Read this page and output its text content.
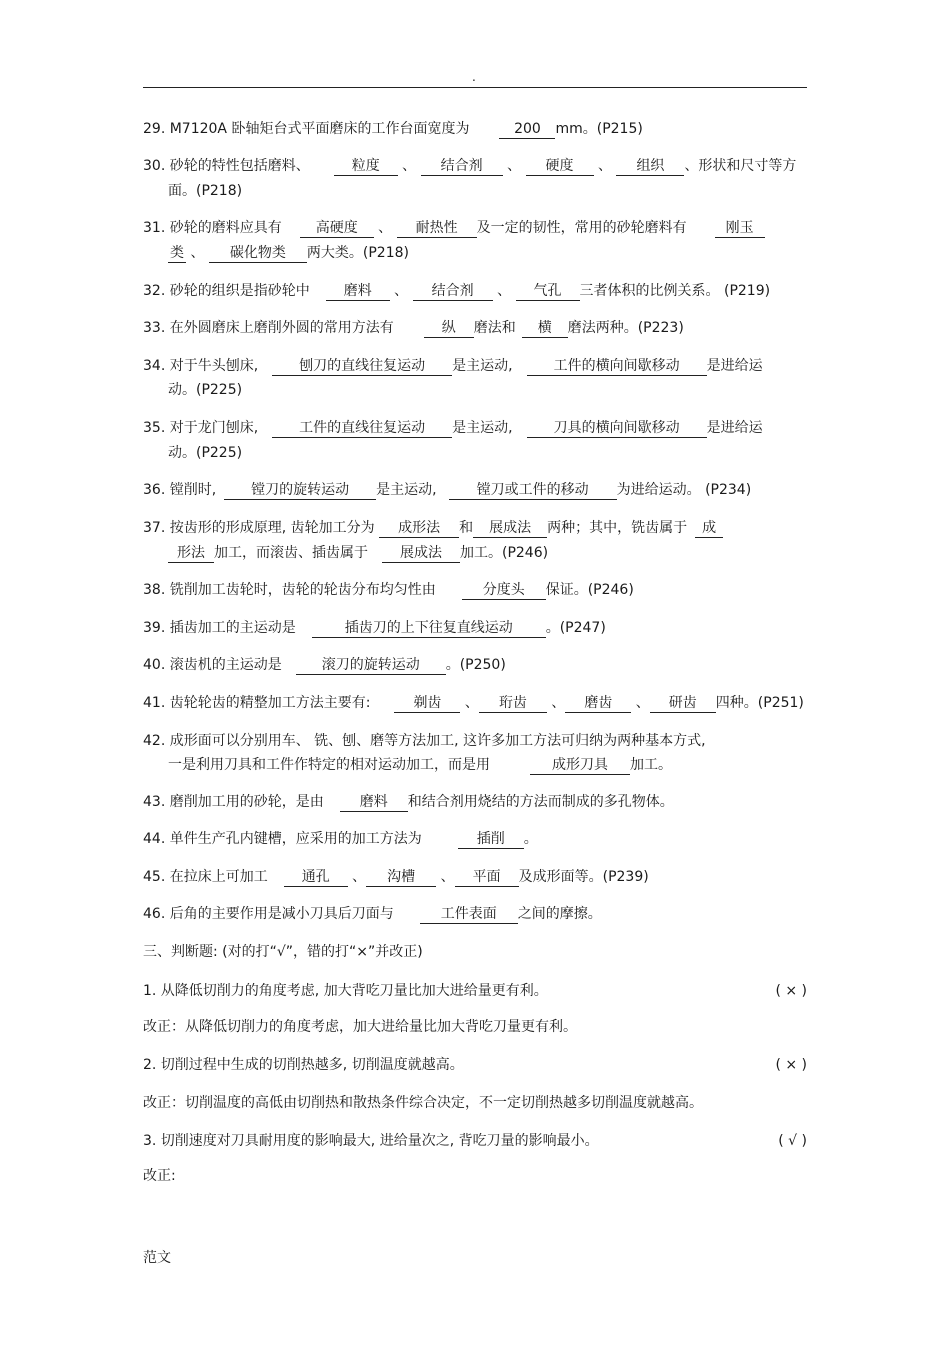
.
29. M7120A 卧轴矩台式平面磨床的工作台面宽度为	200 mm。(P215)
30. 砂轮的特性包括磨料、	粒度 、 结合剂 、 硬度 、 组织 、形状和尺寸等方
面。(P218)
31. 砂轮的磨料应具有 高硬度 、 耐热性 及一定的韧性，常用的砂轮磨料有	刚玉
类 、 碳化物类 两大类。(P218)
32. 砂轮的组织是指砂轮中 磨料 、 结合剂 、 气孔 三者体积的比例关系。 (P219)
33. 在外圆磨床上磨削外圆的常用方法有	纵 磨法和 横 磨法两种。(P223)
34. 对于牛头刨床,	刨刀的直线往复运动 是主运动,	工件的横向间歇移动 是进给运
动。(P225)
35. 对于龙门刨床,	工件的直线往复运动 是主运动,	刀具的横向间歇移动 是进给运
动。(P225)
36. 镗削时,	镗刀的旋转运动 是主运动,	镗刀或工件的移动 为进给运动。 (P234)
37. 按齿形的形成原理, 齿轮加工分为 成形法 和 展成法 两种；其中，铣齿属于 成
形法 加工，而滚齿、插齿属于 展成法 加工。(P246)
38. 铣削加工齿轮时，齿轮的轮齿分布均匀性由	分度头 保证。(P246)
39. 插齿加工的主运动是	插齿刀的上下往复直线运动 。(P247)
40. 滚齿机的主运动是	滚刀的旋转运动 。(P250)
41. 齿轮轮齿的精整加工方法主要有:	剃齿 、 珩齿 、 磨齿 、 研齿 四种。(P251)
42. 成形面可以分别用车、 铣、刨、磨等方法加工, 这许多加工方法可归纳为两种基本方式,
一是利用刀具和工件作特定的相对运动加工，而是用	成形刀具 加工。
43. 磨削加工用的砂轮，是由	磨料 和结合剂用烧结的方法而制成的多孔物体。
44. 单件生产孔内键槽，应采用的加工方法为	插削 。
45. 在拉床上可加工 通孔 、 沟槽 、 平面 及成形面等。(P239)
46. 后角的主要作用是减小刀具后刀面与	工件表面 之间的摩擦。
三、判断题: (对的打“√”，错的打“×”并改正)
1. 从降低切削力的角度考虑, 加大背吃刀量比加大进给量更有利。	( × )
改正：从降低切削力的角度考虑，加大进给量比加大背吃刀量更有利。
2. 切削过程中生成的切削热越多, 切削温度就越高。	( × )
改正：切削温度的高低由切削热和散热条件综合决定，不一定切削热越多切削温度就越高。
3. 切削速度对刀具耐用度的影响最大, 进给量次之, 背吃刀量的影响最小。	( √ )
改正:
范文
